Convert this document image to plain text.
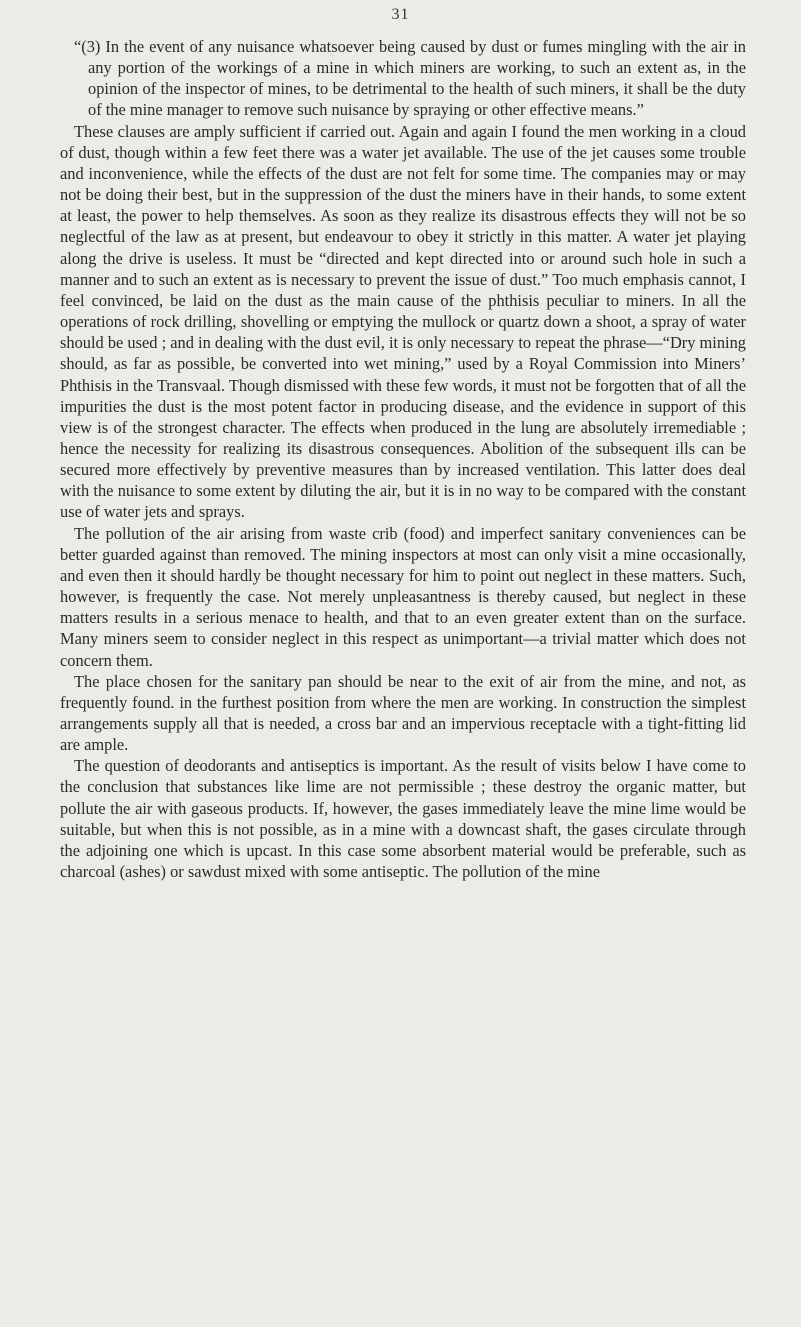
31

“(3) In the event of any nuisance whatsoever being caused by dust or fumes mingling with the air in any portion of the workings of a mine in which miners are working, to such an extent as, in the opinion of the inspector of mines, to be detrimental to the health of such miners, it shall be the duty of the mine manager to remove such nuisance by spraying or other effective means.”

These clauses are amply sufficient if carried out. Again and again I found the men working in a cloud of dust, though within a few feet there was a water jet available. The use of the jet causes some trouble and inconvenience, while the effects of the dust are not felt for some time. The companies may or may not be doing their best, but in the suppression of the dust the miners have in their hands, to some extent at least, the power to help themselves. As soon as they realize its disastrous effects they will not be so neglectful of the law as at present, but endeavour to obey it strictly in this matter. A water jet playing along the drive is useless. It must be “directed and kept directed into or around such hole in such a manner and to such an extent as is necessary to prevent the issue of dust.” Too much emphasis cannot, I feel convinced, be laid on the dust as the main cause of the phthisis peculiar to miners. In all the operations of rock drilling, shovelling or emptying the mullock or quartz down a shoot, a spray of water should be used ; and in dealing with the dust evil, it is only necessary to repeat the phrase—“Dry mining should, as far as possible, be converted into wet mining,” used by a Royal Commission into Miners’ Phthisis in the Transvaal. Though dismissed with these few words, it must not be forgotten that of all the impurities the dust is the most potent factor in producing disease, and the evidence in support of this view is of the strongest character. The effects when produced in the lung are absolutely irremediable ; hence the necessity for realizing its disastrous consequences. Abolition of the subsequent ills can be secured more effectively by preventive measures than by increased ventilation. This latter does deal with the nuisance to some extent by diluting the air, but it is in no way to be compared with the constant use of water jets and sprays.

The pollution of the air arising from waste crib (food) and imperfect sanitary conveniences can be better guarded against than removed. The mining inspectors at most can only visit a mine occasionally, and even then it should hardly be thought necessary for him to point out neglect in these matters. Such, however, is frequently the case. Not merely unpleasantness is thereby caused, but neglect in these matters results in a serious menace to health, and that to an even greater extent than on the surface. Many miners seem to consider neglect in this respect as unimportant—a trivial matter which does not concern them.

The place chosen for the sanitary pan should be near to the exit of air from the mine, and not, as frequently found. in the furthest position from where the men are working. In construction the simplest arrangements supply all that is needed, a cross bar and an impervious receptacle with a tight-fitting lid are ample.

The question of deodorants and antiseptics is important. As the result of visits below I have come to the conclusion that substances like lime are not permissible ; these destroy the organic matter, but pollute the air with gaseous products. If, however, the gases immediately leave the mine lime would be suitable, but when this is not possible, as in a mine with a downcast shaft, the gases circulate through the adjoining one which is upcast. In this case some absorbent material would be preferable, such as charcoal (ashes) or sawdust mixed with some antiseptic. The pollution of the mine
